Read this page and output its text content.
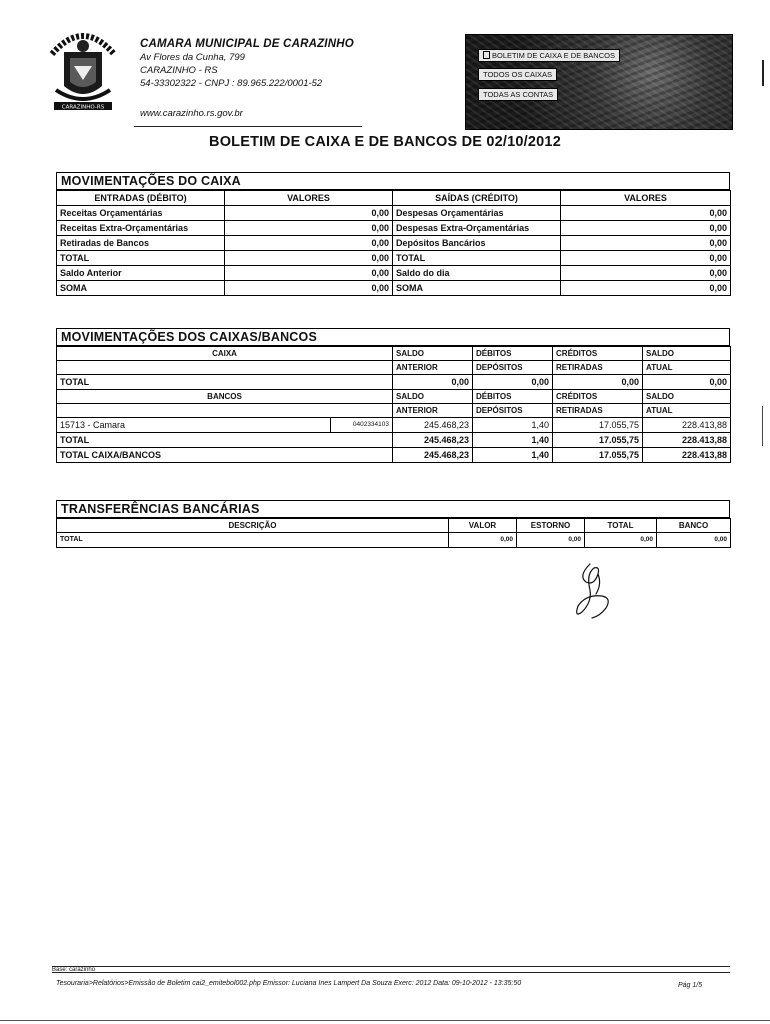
CARAZINHO-RS
CAMARA MUNICIPAL DE CARAZINHO
Av Flores da Cunha, 799
CARAZINHO - RS
54-33302322 - CNPJ : 89.965.222/0001-52
www.carazinho.rs.gov.br
BOLETIM DE CAIXA E DE BANCOS
TODOS OS CAIXAS
TODAS AS CONTAS
BOLETIM DE CAIXA E DE BANCOS DE 02/10/2012
MOVIMENTAÇÕES DO CAIXA
ENTRADAS (DÉBITO)	VALORES	SAÍDAS (CRÉDITO)	VALORES
Receitas Orçamentárias	0,00	Despesas Orçamentárias	0,00
Receitas Extra-Orçamentárias	0,00	Despesas Extra-Orçamentárias	0,00
Retiradas de Bancos	0,00	Depósitos Bancários	0,00
TOTAL	0,00	TOTAL	0,00
Saldo Anterior	0,00	Saldo do dia	0,00
SOMA	0,00	SOMA	0,00
MOVIMENTAÇÕES DOS CAIXAS/BANCOS
CAIXA		SALDO	DÉBITOS	CRÉDITOS	SALDO
		ANTERIOR	DEPÓSITOS	RETIRADAS	ATUAL
TOTAL		0,00	0,00	0,00	0,00
BANCOS		SALDO	DÉBITOS	CRÉDITOS	SALDO
		ANTERIOR	DEPÓSITOS	RETIRADAS	ATUAL
15713 - Camara	0402334103	245.468,23	1,40	17.055,75	228.413,88
TOTAL		245.468,23	1,40	17.055,75	228.413,88
TOTAL CAIXA/BANCOS		245.468,23	1,40	17.055,75	228.413,88
TRANSFERÊNCIAS BANCÁRIAS
DESCRIÇÃO	VALOR	ESTORNO	TOTAL	BANCO
TOTAL	0,00	0,00	0,00	0,00
Base: carazinho
Tesouraria>Relatórios>Emissão de Boletim cai2_emitebol002.php Emissor: Luciana Ines Lampert Da Souza Exerc: 2012 Data: 09-10-2012 - 13:35:50	Pág 1/5
